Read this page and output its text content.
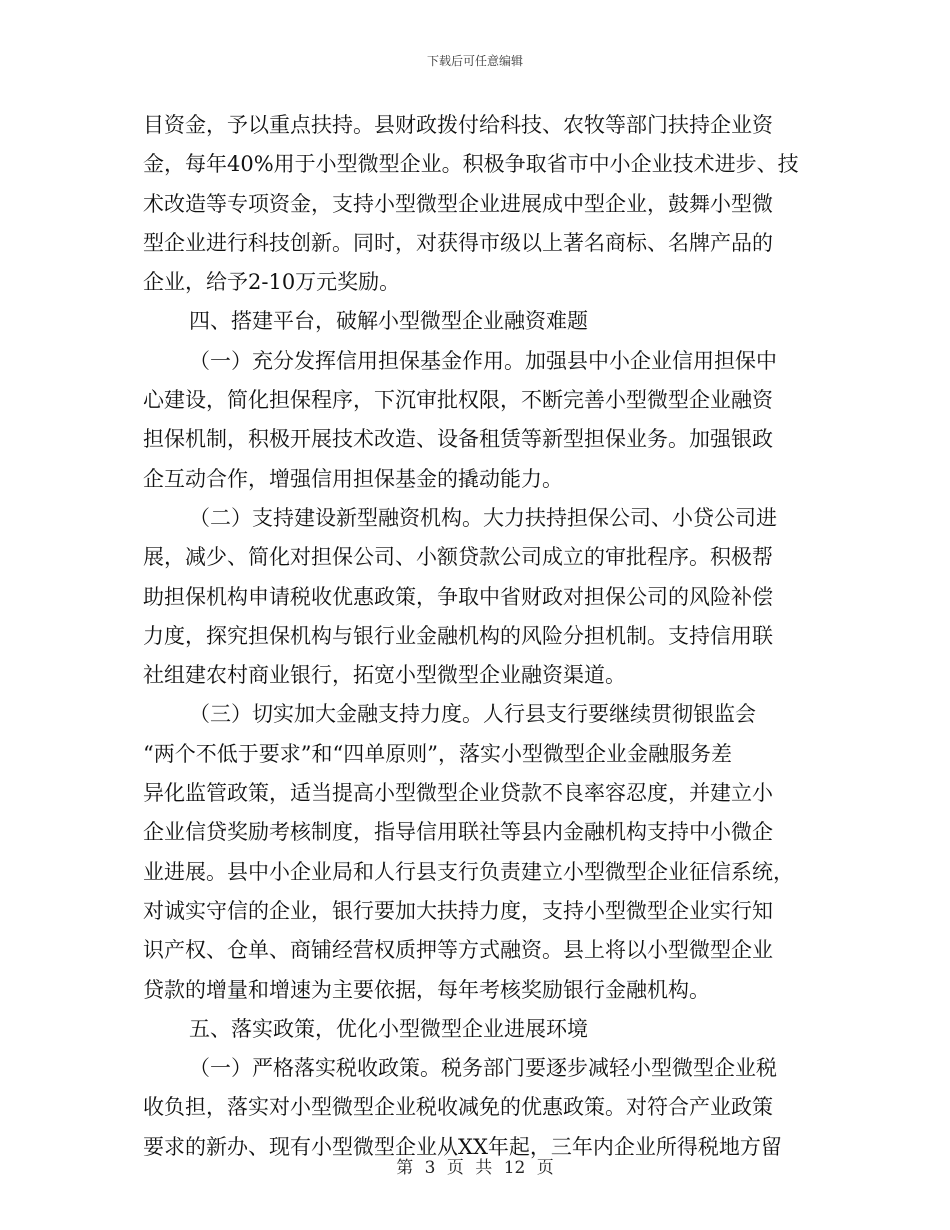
下载后可任意编辑
目资金，予以重点扶持。县财政拨付给科技、农牧等部门扶持企业资
金，每年40%用于小型微型企业。积极争取省市中小企业技术进步、技
术改造等专项资金，支持小型微型企业进展成中型企业，鼓舞小型微
型企业进行科技创新。同时，对获得市级以上著名商标、名牌产品的
企业，给予2-10万元奖励。
四、搭建平台，破解小型微型企业融资难题
（一）充分发挥信用担保基金作用。加强县中小企业信用担保中
心建设，简化担保程序，下沉审批权限，不断完善小型微型企业融资
担保机制，积极开展技术改造、设备租赁等新型担保业务。加强银政
企互动合作，增强信用担保基金的撬动能力。
（二）支持建设新型融资机构。大力扶持担保公司、小贷公司进
展，减少、简化对担保公司、小额贷款公司成立的审批程序。积极帮
助担保机构申请税收优惠政策，争取中省财政对担保公司的风险补偿
力度，探究担保机构与银行业金融机构的风险分担机制。支持信用联
社组建农村商业银行，拓宽小型微型企业融资渠道。
（三）切实加大金融支持力度。人行县支行要继续贯彻银监会
“两个不低于要求”和“四单原则”，落实小型微型企业金融服务差
异化监管政策，适当提高小型微型企业贷款不良率容忍度，并建立小
企业信贷奖励考核制度，指导信用联社等县内金融机构支持中小微企
业进展。县中小企业局和人行县支行负责建立小型微型企业征信系统，
对诚实守信的企业，银行要加大扶持力度，支持小型微型企业实行知
识产权、仓单、商铺经营权质押等方式融资。县上将以小型微型企业
贷款的增量和增速为主要依据，每年考核奖励银行金融机构。
五、落实政策，优化小型微型企业进展环境
（一）严格落实税收政策。税务部门要逐步减轻小型微型企业税
收负担，落实对小型微型企业税收减免的优惠政策。对符合产业政策
要求的新办、现有小型微型企业从XX年起，三年内企业所得税地方留
第 3 页 共 12 页
